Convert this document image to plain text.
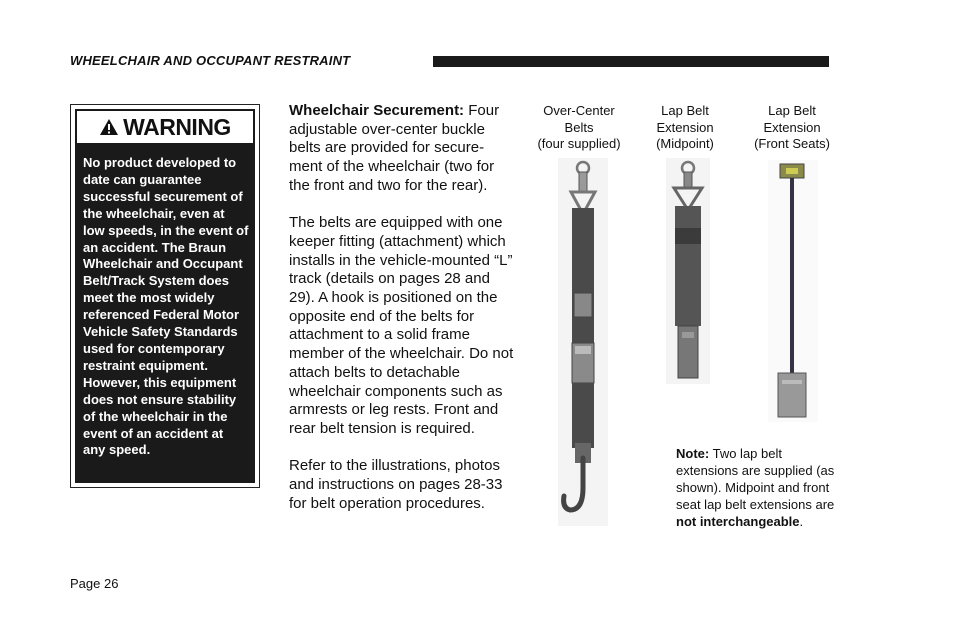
WHEELCHAIR AND OCCUPANT RESTRAINT
WARNING
No product developed to date can guarantee successful securement of the wheelchair, even at low speeds, in the event of an accident. The Braun Wheelchair and Occupant Belt/Track System does meet the most widely referenced Federal Motor Vehicle Safety Standards used for contemporary restraint equipment. However, this equipment does not ensure stability of the wheelchair in the event of an accident at any speed.

Wheelchair Securement: Four adjustable over-center buckle belts are provided for secure-ment of the wheelchair (two for the front and two for the rear).

The belts are equipped with one keeper fitting (attachment) which installs in the vehicle-mounted “L” track (details on pages 28 and 29). A hook is positioned on the opposite end of the belts for attachment to a solid frame member of the wheelchair. Do not attach belts to detachable wheelchair components such as armrests or leg rests. Front and rear belt tension is required.

Refer to the illustrations, photos and instructions on pages 28-33 for belt operation procedures.

Over-Center
Belts
(four supplied)
Lap Belt
Extension
(Midpoint)
Lap Belt
Extension
(Front Seats)
Note: Two lap belt extensions are supplied (as shown). Midpoint and front seat lap belt extensions are not interchangeable.
Page 26
